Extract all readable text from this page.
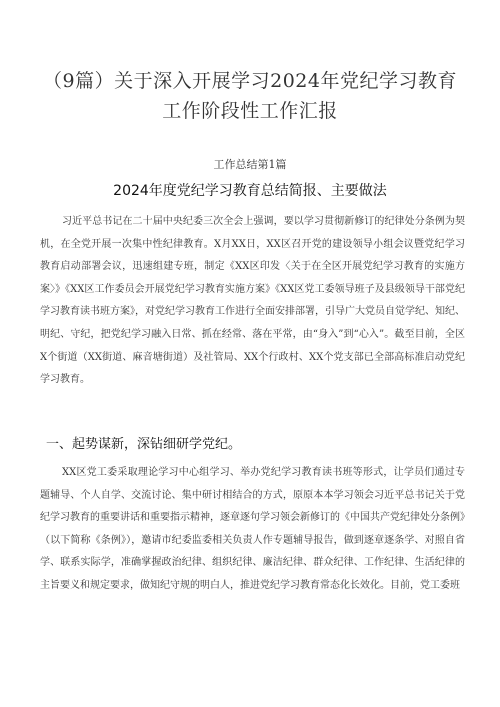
（9篇）关于深入开展学习2024年党纪学习教育工作阶段性工作汇报
工作总结第1篇
2024年度党纪学习教育总结简报、主要做法

习近平总书记在二十届中央纪委三次全会上强调，要以学习贯彻新修订的纪律处分条例为契机，在全党开展一次集中性纪律教育。X月XX日，XX区召开党的建设领导小组会议暨党纪学习教育启动部署会议，迅速组建专班，制定《XX区印发〈关于在全区开展党纪学习教育的实施方案〉》《XX区工作委员会开展党纪学习教育实施方案》《XX区党工委领导班子及县级领导干部党纪学习教育读书班方案》，对党纪学习教育工作进行全面安排部署，引导广大党员自觉学纪、知纪、明纪、守纪，把党纪学习融入日常、抓在经常、落在平常，由“身入”到“心入”。截至目前，全区X个街道（XX街道、麻音塘街道）及社管局、XX个行政村、XX个党支部已全部高标准启动党纪学习教育。

一、起势谋新，深钻细研学党纪。

XX区党工委采取理论学习中心组学习、举办党纪学习教育读书班等形式，让学员们通过专题辅导、个人自学、交流讨论、集中研讨相结合的方式，原原本本学习领会习近平总书记关于党纪学习教育的重要讲话和重要指示精神，逐章逐句学习领会新修订的《中国共产党纪律处分条例》（以下简称《条例》），邀请市纪委监委相关负责人作专题辅导报告，做到逐章逐条学、对照自省学、联系实际学，准确掌握政治纪律、组织纪律、廉洁纪律、群众纪律、工作纪律、生活纪律的主旨要义和规定要求，做知纪守规的明白人，推进党纪学习教育常态化长效化。目前，党工委班
